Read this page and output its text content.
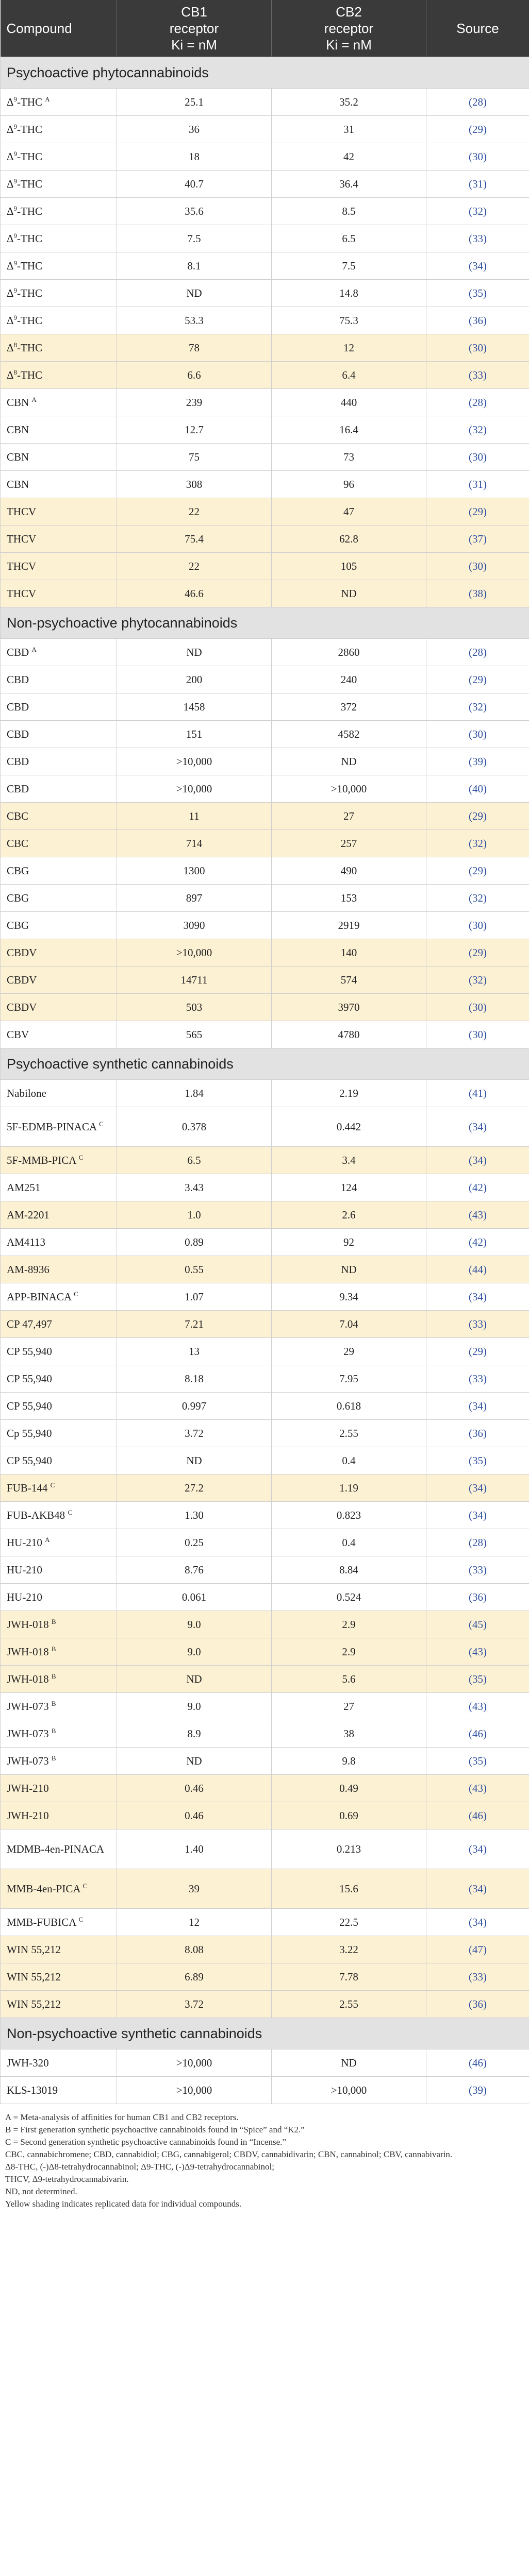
Compound	CB1
receptor
Ki = nM	CB2
receptor
Ki = nM	Source
Psychoactive phytocannabinoids			
$\Delta^9$-THC $^A$	25.1	35.2	(28)
$\Delta^9$-THC	36	31	(29)
$\Delta^9$-THC	18	42	(30)
$\Delta^9$-THC	40.7	36.4	(31)
$\Delta^9$-THC	35.6	8.5	(32)
$\Delta^9$-THC	7.5	6.5	(33)
$\Delta^9$-THC	8.1	7.5	(34)
$\Delta^9$-THC	ND	14.8	(35)
$\Delta^9$-THC	53.3	75.3	(36)
$\Delta^8$-THC	78	12	(30)
$\Delta^8$-THC	6.6	6.4	(33)
CBN $^A$	239	440	(28)
CBN	12.7	16.4	(32)
CBN	75	73	(30)
CBN	308	96	(31)
THCV	22	47	(29)
THCV	75.4	62.8	(37)
THCV	22	105	(30)
THCV	46.6	ND	(38)
Non-psychoactive phytocannabinoids			
CBD $^A$	ND	2860	(28)
CBD	200	240	(29)
CBD	1458	372	(32)
CBD	151	4582	(30)
CBD	>10,000	ND	(39)
CBD	>10,000	>10,000	(40)
CBC	11	27	(29)
CBC	714	257	(32)
CBG	1300	490	(29)
CBG	897	153	(32)
CBG	3090	2919	(30)
CBDV	>10,000	140	(29)
CBDV	14711	574	(32)
CBDV	503	3970	(30)
CBV	565	4780	(30)
Psychoactive synthetic cannabinoids			
Nabilone	1.84	2.19	(41)
5F-EDMB-PINACA $^C$	0.378	0.442	(34)
5F-MMB-PICA $^C$	6.5	3.4	(34)
AM251	3.43	124	(42)
AM-2201	1.0	2.6	(43)
AM4113	0.89	92	(42)
AM-8936	0.55	ND	(44)
APP-BINACA $^C$	1.07	9.34	(34)
CP 47,497	7.21	7.04	(33)
CP 55,940	13	29	(29)
CP 55,940	8.18	7.95	(33)
CP 55,940	0.997	0.618	(34)
Cp 55,940	3.72	2.55	(36)
CP 55,940	ND	0.4	(35)
FUB-144 $^C$	27.2	1.19	(34)
FUB-AKB48 $^C$	1.30	0.823	(34)
HU-210 $^A$	0.25	0.4	(28)
HU-210	8.76	8.84	(33)
HU-210	0.061	0.524	(36)
JWH-018 $^B$	9.0	2.9	(45)
JWH-018 $^B$	9.0	2.9	(43)
JWH-018 $^B$	ND	5.6	(35)
JWH-073 $^B$	9.0	27	(43)
JWH-073 $^B$	8.9	38	(46)
JWH-073 $^B$	ND	9.8	(35)
JWH-210	0.46	0.49	(43)
JWH-210	0.46	0.69	(46)
MDMB-4en-PINACA	1.40	0.213	(34)
MMB-4en-PICA $^C$	39	15.6	(34)
MMB-FUBICA $^C$	12	22.5	(34)
WIN 55,212	8.08	3.22	(47)
WIN 55,212	6.89	7.78	(33)
WIN 55,212	3.72	2.55	(36)
Non-psychoactive synthetic cannabinoids			
JWH-320	>10,000	ND	(46)
KLS-13019	>10,000	>10,000	(39)
A = Meta-analysis of affinities for human CB1 and CB2 receptors.
B = First generation synthetic psychoactive cannabinoids found in “Spice” and “K2.”
C = Second generation synthetic psychoactive cannabinoids found in “Incense.”
CBC, cannabichromene; CBD, cannabidiol; CBG, cannabigerol; CBDV, cannabidivarin; CBN, cannabinol; CBV, cannabivarin.
Δ8-THC, (-)Δ8-tetrahydrocannabinol; Δ9-THC, (-)Δ9-tetrahydrocannabinol;
THCV, Δ9-tetrahydrocannabivarin.
ND, not determined.
Yellow shading indicates replicated data for individual compounds.
